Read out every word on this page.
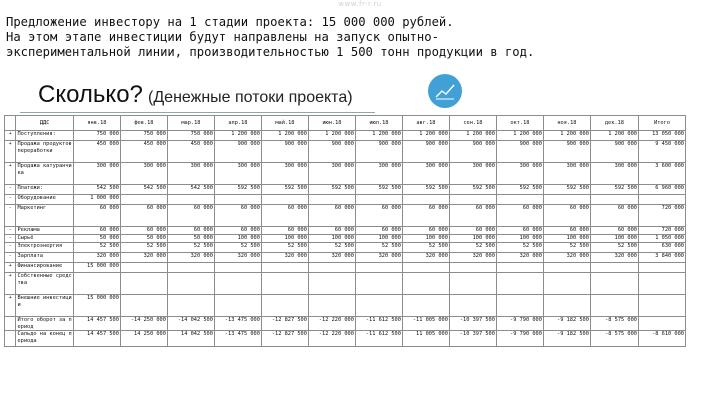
www.fr-r.ru
Предложение инвестору на 1 стадии проекта: 15 000 000 рублей.
На этом этапе инвестиции будут направлены на запуск опытно-
экспериментальной линии, производительностью 1 500 тонн продукции в год.
Сколько? (Денежные потоки проекта)
	ДДС	янв.18	фев.18	мар.18	апр.18	май.18	июн.18	июл.18	авг.18	сен.18	окт.18	ноя.18	дек.18	Итого
+	Поступления:	750 000	750 000	750 000	1 200 000	1 200 000	1 200 000	1 200 000	1 200 000	1 200 000	1 200 000	1 200 000	1 200 000	13 050 000
+	Продажа продуктов переработки	450 000	450 000	450 000	900 000	900 000	900 000	900 000	900 000	900 000	900 000	900 000	900 000	9 450 000
+	Продажа катуранчика	300 000	300 000	300 000	300 000	300 000	300 000	300 000	300 000	300 000	300 000	300 000	300 000	3 600 000
-	Платежи:	542 500	542 500	542 500	592 500	592 500	592 500	592 500	592 500	592 500	592 500	592 500	592 500	6 960 000
-	Оборудование	1 000 000												
-	Маркетинг	60 000	60 000	60 000	60 000	60 000	60 000	60 000	60 000	60 000	60 000	60 000	60 000	720 000
-	Реклама	60 000	60 000	60 000	60 000	60 000	60 000	60 000	60 000	60 000	60 000	60 000	60 000	720 000
-	Сырьё	50 000	50 000	50 000	100 000	100 000	100 000	100 000	100 000	100 000	100 000	100 000	100 000	1 050 000
-	Электроэнергия	52 500	52 500	52 500	52 500	52 500	52 500	52 500	52 500	52 500	52 500	52 500	52 500	630 000
-	Зарплата	320 000	320 000	320 000	320 000	320 000	320 000	320 000	320 000	320 000	320 000	320 000	320 000	3 840 000
+	Финансирование	15 000 000												
+	Собственные средства													
+	Внешние инвестиции	15 000 000												
	Итого оборот за период	14 457 500	-14 250 000	-14 042 500	-13 475 000	-12 827 500	-12 220 000	-11 612 500	-11 005 000	-10 397 500	-9 790 000	-9 182 500	-8 575 000	
	Сальдо на конец периода	14 457 500	14 250 000	14 042 500	-13 475 000	-12 827 500	-12 220 000	-11 612 500	11 005 000	-10 397 500	-9 790 000	-9 182 500	-8 575 000	-8 610 000
